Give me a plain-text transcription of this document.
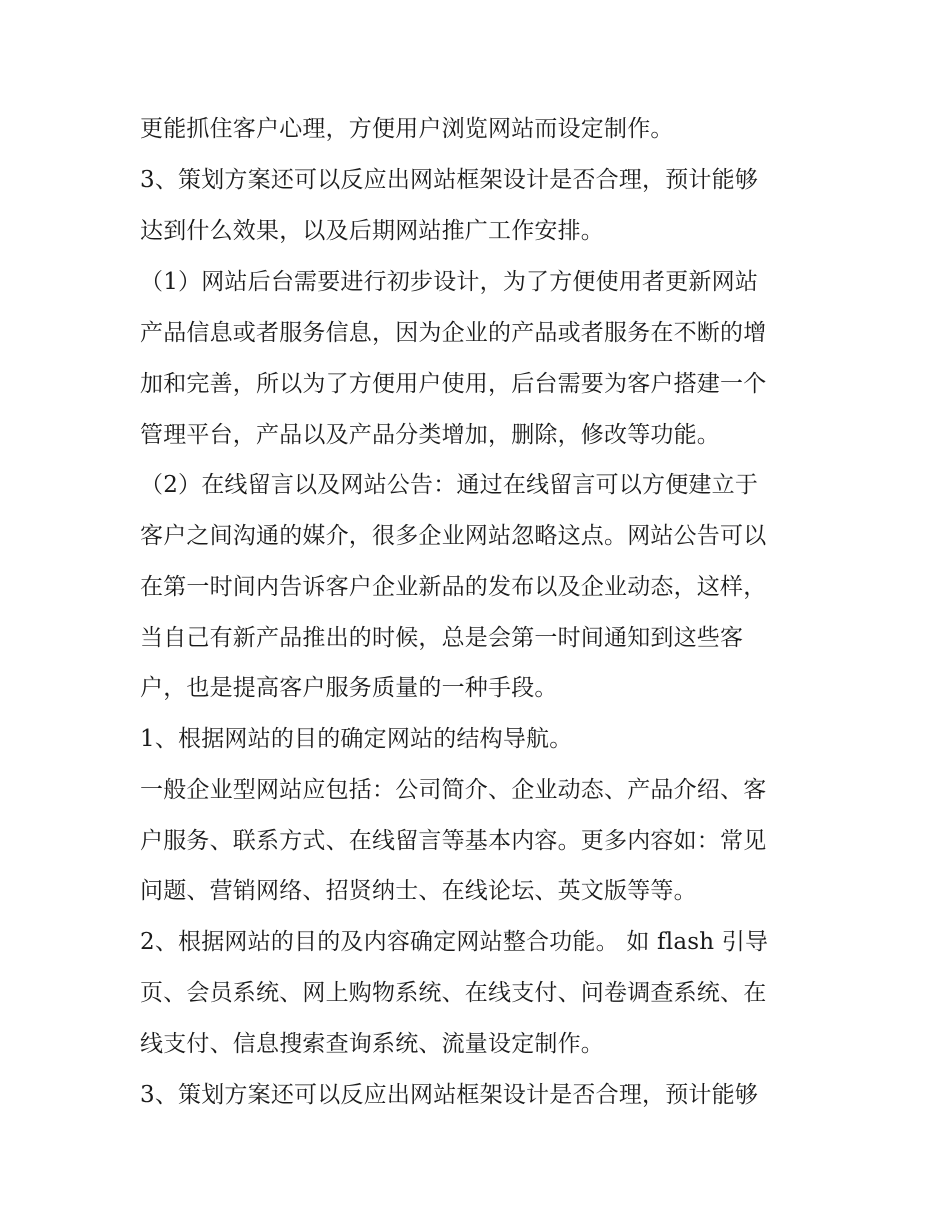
更能抓住客户心理，方便用户浏览网站而设定制作。
3、策划方案还可以反应出网站框架设计是否合理，预计能够
达到什么效果，以及后期网站推广工作安排。
（1）网站后台需要进行初步设计，为了方便使用者更新网站
产品信息或者服务信息，因为企业的产品或者服务在不断的增
加和完善，所以为了方便用户使用，后台需要为客户搭建一个
管理平台，产品以及产品分类增加，删除，修改等功能。
（2）在线留言以及网站公告：通过在线留言可以方便建立于
客户之间沟通的媒介，很多企业网站忽略这点。网站公告可以
在第一时间内告诉客户企业新品的发布以及企业动态，这样，
当自己有新产品推出的时候，总是会第一时间通知到这些客
户，也是提高客户服务质量的一种手段。
1、根据网站的目的确定网站的结构导航。
一般企业型网站应包括：公司简介、企业动态、产品介绍、客
户服务、联系方式、在线留言等基本内容。更多内容如：常见
问题、营销网络、招贤纳士、在线论坛、英文版等等。
2、根据网站的目的及内容确定网站整合功能。 如 flash 引导
页、会员系统、网上购物系统、在线支付、问卷调查系统、在
线支付、信息搜索查询系统、流量设定制作。
3、策划方案还可以反应出网站框架设计是否合理，预计能够
